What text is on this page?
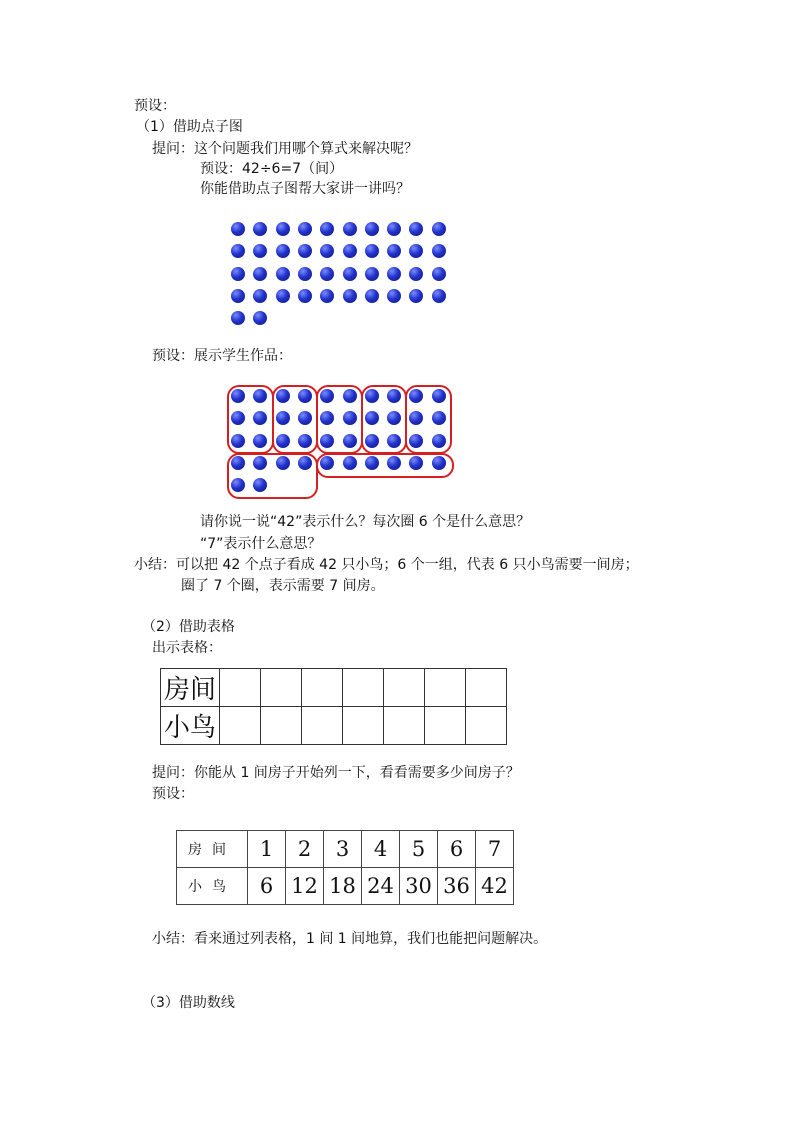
预设：
（1）借助点子图
提问：这个问题我们用哪个算式来解决呢？
预设：42÷6=7（间）
你能借助点子图帮大家讲一讲吗？
预设：展示学生作品：
请你说一说“42”表示什么？每次圈 6 个是什么意思？
“7”表示什么意思？
小结：可以把 42 个点子看成 42 只小鸟；6 个一组，代表 6 只小鸟需要一间房；
圈了 7 个圈，表示需要 7 间房。
（2）借助表格
出示表格：
房间							
小鸟							
提问：你能从 1 间房子开始列一下，看看需要多少间房子？
预设：
房间	1	2	3	4	5	6	7
小鸟	6	12	18	24	30	36	42
小结：看来通过列表格，1 间 1 间地算，我们也能把问题解决。
（3）借助数线
